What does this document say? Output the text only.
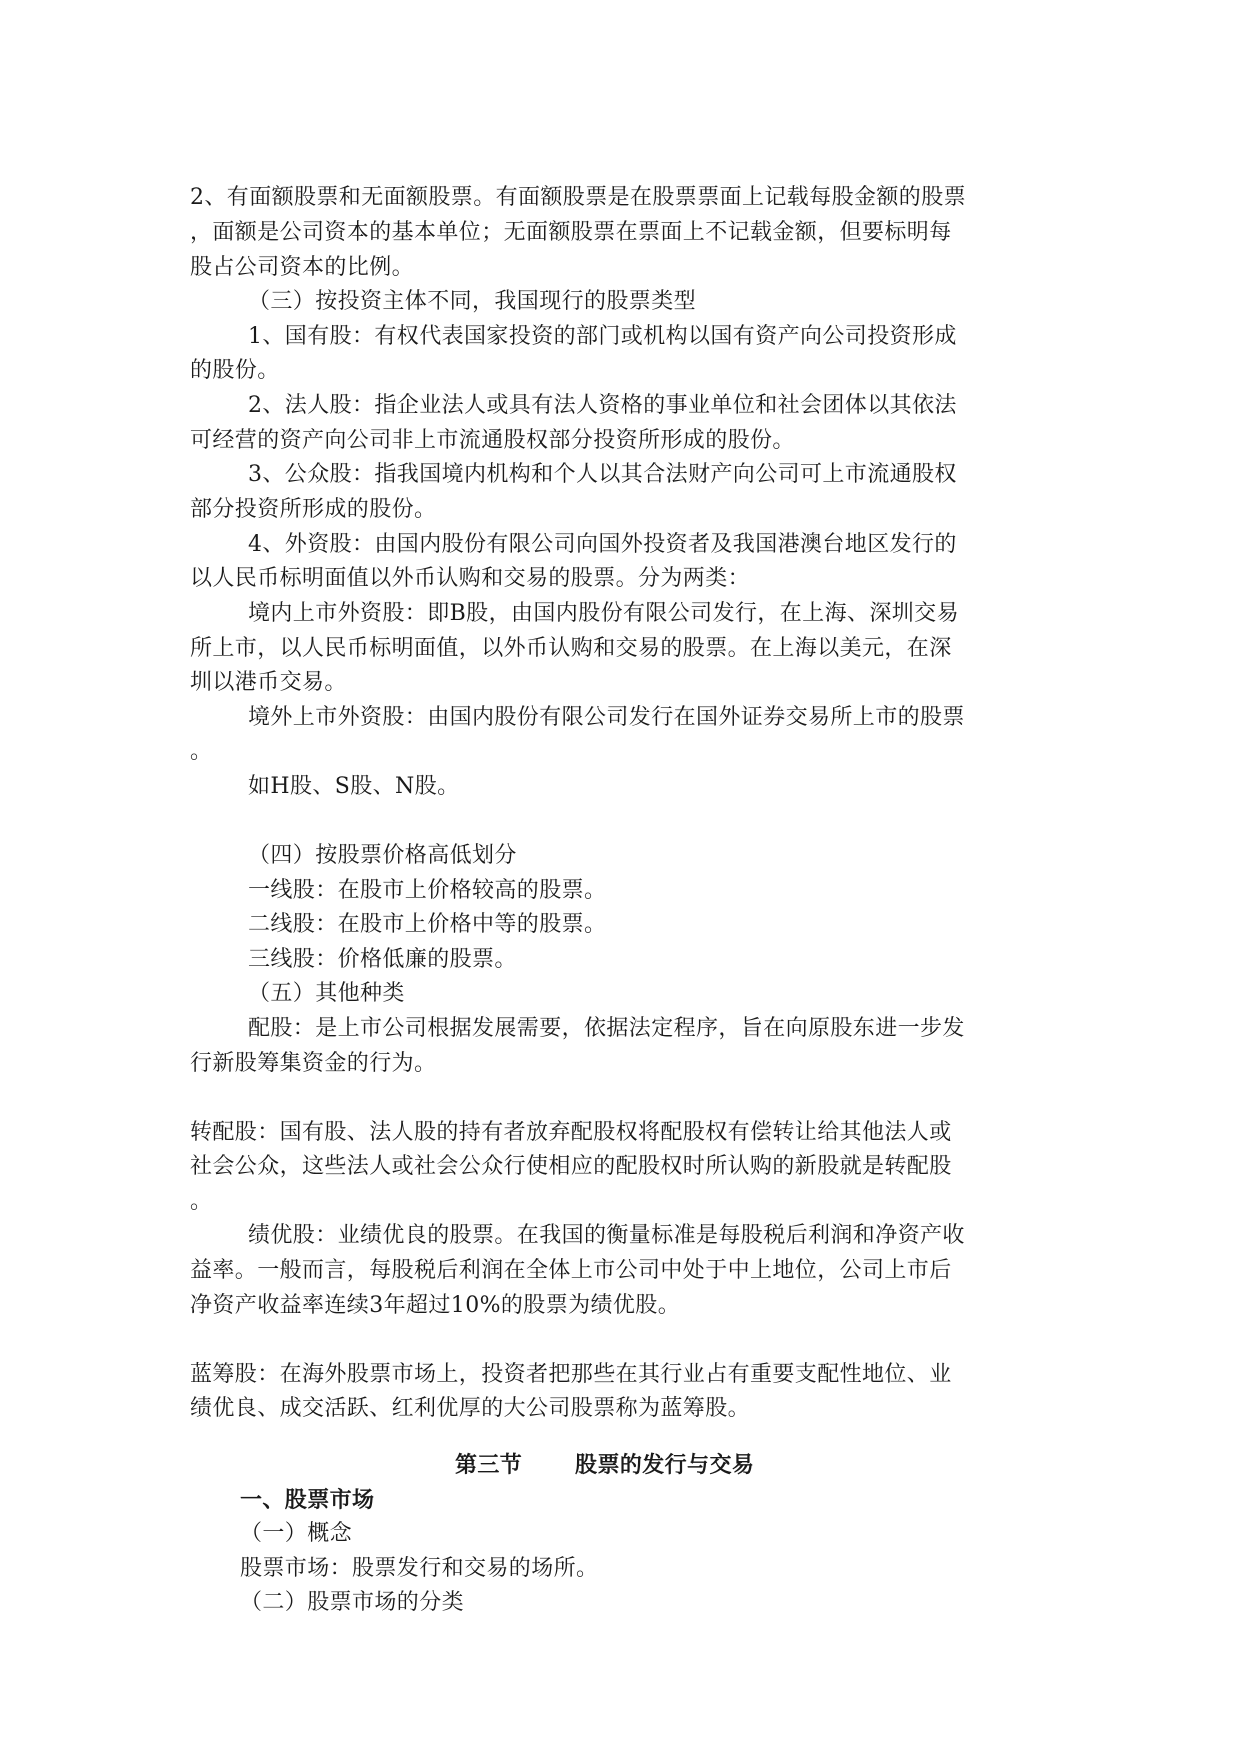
2、有面额股票和无面额股票。有面额股票是在股票票面上记载每股金额的股票
，面额是公司资本的基本单位；无面额股票在票面上不记载金额，但要标明每
股占公司资本的比例。
（三）按投资主体不同，我国现行的股票类型
1、国有股：有权代表国家投资的部门或机构以国有资产向公司投资形成
的股份。
2、法人股：指企业法人或具有法人资格的事业单位和社会团体以其依法
可经营的资产向公司非上市流通股权部分投资所形成的股份。
3、公众股：指我国境内机构和个人以其合法财产向公司可上市流通股权
部分投资所形成的股份。
4、外资股：由国内股份有限公司向国外投资者及我国港澳台地区发行的
以人民币标明面值以外币认购和交易的股票。分为两类：
境内上市外资股：即B股，由国内股份有限公司发行，在上海、深圳交易
所上市，以人民币标明面值，以外币认购和交易的股票。在上海以美元，在深
圳以港币交易。
境外上市外资股：由国内股份有限公司发行在国外证券交易所上市的股票
。
如H股、S股、N股。
（四）按股票价格高低划分
一线股：在股市上价格较高的股票。
二线股：在股市上价格中等的股票。
三线股：价格低廉的股票。
（五）其他种类
配股：是上市公司根据发展需要，依据法定程序，旨在向原股东进一步发
行新股筹集资金的行为。
转配股：国有股、法人股的持有者放弃配股权将配股权有偿转让给其他法人或
社会公众，这些法人或社会公众行使相应的配股权时所认购的新股就是转配股
。
绩优股：业绩优良的股票。在我国的衡量标准是每股税后利润和净资产收
益率。一般而言，每股税后利润在全体上市公司中处于中上地位，公司上市后
净资产收益率连续3年超过10%的股票为绩优股。
蓝筹股：在海外股票市场上，投资者把那些在其行业占有重要支配性地位、业
绩优良、成交活跃、红利优厚的大公司股票称为蓝筹股。
第三节　　 股票的发行与交易
一、股票市场
（一）概念
股票市场：股票发行和交易的场所。
（二）股票市场的分类
